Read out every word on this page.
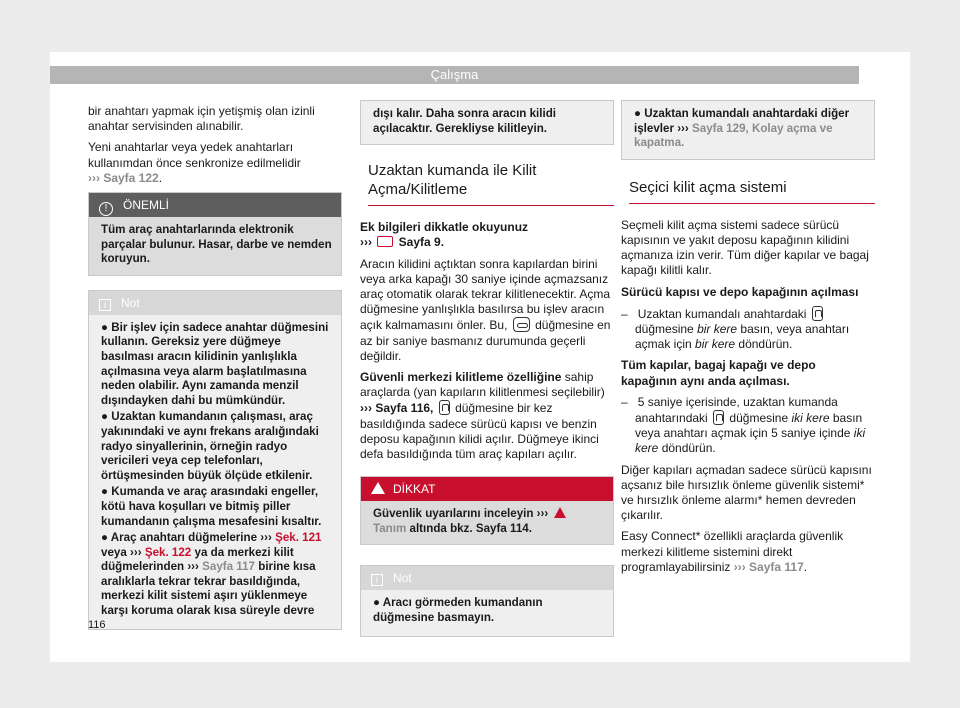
Çalışma

bir anahtarı yapmak için yetişmiş olan izinli anahtar servisinden alınabilir.

Yeni anahtarlar veya yedek anahtarları kullanımdan önce senkronize edilmelidir
››› Sayfa 122.

! ÖNEMLİ
Tüm araç anahtarlarında elektronik parçalar bulunur. Hasar, darbe ve nemden koruyun.
i Not

● Bir işlev için sadece anahtar düğmesini kullanın. Gereksiz yere düğmeye basılması aracın kilidinin yanlışlıkla açılmasına veya alarm başlatılmasına neden olabilir. Aynı zamanda menzil dışındayken dahi bu mümkündür.

● Uzaktan kumandanın çalışması, araç yakınındaki ve aynı frekans aralığındaki radyo sinyallerinin, örneğin radyo vericileri veya cep telefonları, örtüşmesinden büyük ölçüde etkilenir.

● Kumanda ve araç arasındaki engeller, kötü hava koşulları ve bitmiş piller kumandanın çalışma mesafesini kısaltır.

● Araç anahtarı düğmelerine ››› Şek. 121
veya ››› Şek. 122 ya da merkezi kilit düğmelerinden ››› Sayfa 117 birine kısa aralıklarla tekrar tekrar basıldığında, merkezi kilit sistemi aşırı yüklenmeye karşı koruma olarak kısa süreyle devre

dışı kalır. Daha sonra aracın kilidi açılacaktır. Gerekliyse kilitleyin.
Uzaktan kumanda ile Kilit Açma/Kilitleme

Ek bilgileri dikkatle okuyunuz
›››  Sayfa 9.

Aracın kilidini açtıktan sonra kapılardan birini veya arka kapağı 30 saniye içinde açmazsanız araç otomatik olarak tekrar kilitlenecektir. Açma düğmesine yanlışlıkla basılırsa bu işlev aracın açık kalmamasını önler. Bu, düğmesine en az bir saniye basmanız durumunda geçerli değildir.

Güvenli merkezi kilitleme özelliğine sahip araçlarda (yan kapıların kilitlenmesi seçilebilir) ››› Sayfa 116, düğmesine bir kez basıldığında sadece sürücü kapısı ve benzin deposu kapağının kilidi açılır. Düğmeye ikinci defa basıldığında tüm araç kapıları açılır.

DİKKAT
Güvenlik uyarılarını inceleyin ›››  Tanım altında bkz. Sayfa 114.
i Not

● Aracı görmeden kumandanın düğmesine basmayın.

● Uzaktan kumandalı anahtardaki diğer işlevler ››› Sayfa 129, Kolay açma ve kapatma.
Seçici kilit açma sistemi

Seçmeli kilit açma sistemi sadece sürücü kapısının ve yakıt deposu kapağının kilidini açmanıza izin verir. Tüm diğer kapılar ve bagaj kapağı kilitli kalır.

Sürücü kapısı ve depo kapağının açılması

–   Uzaktan kumandalı anahtardaki  düğmesine bir kere basın, veya anahtarı açmak için bir kere döndürün.

Tüm kapılar, bagaj kapağı ve depo kapağının aynı anda açılması.

–   5 saniye içerisinde, uzaktan kumanda anahtarındaki düğmesine iki kere basın veya anahtarı açmak için 5 saniye içinde iki kere döndürün.

Diğer kapıları açmadan sadece sürücü kapısını açsanız bile hırsızlık önleme güvenlik sistemi* ve hırsızlık önleme alarmı* hemen devreden çıkarılır.

Easy Connect* özellikli araçlarda güvenlik merkezi kilitleme sistemini direkt programlayabilirsiniz ››› Sayfa 117.

116
